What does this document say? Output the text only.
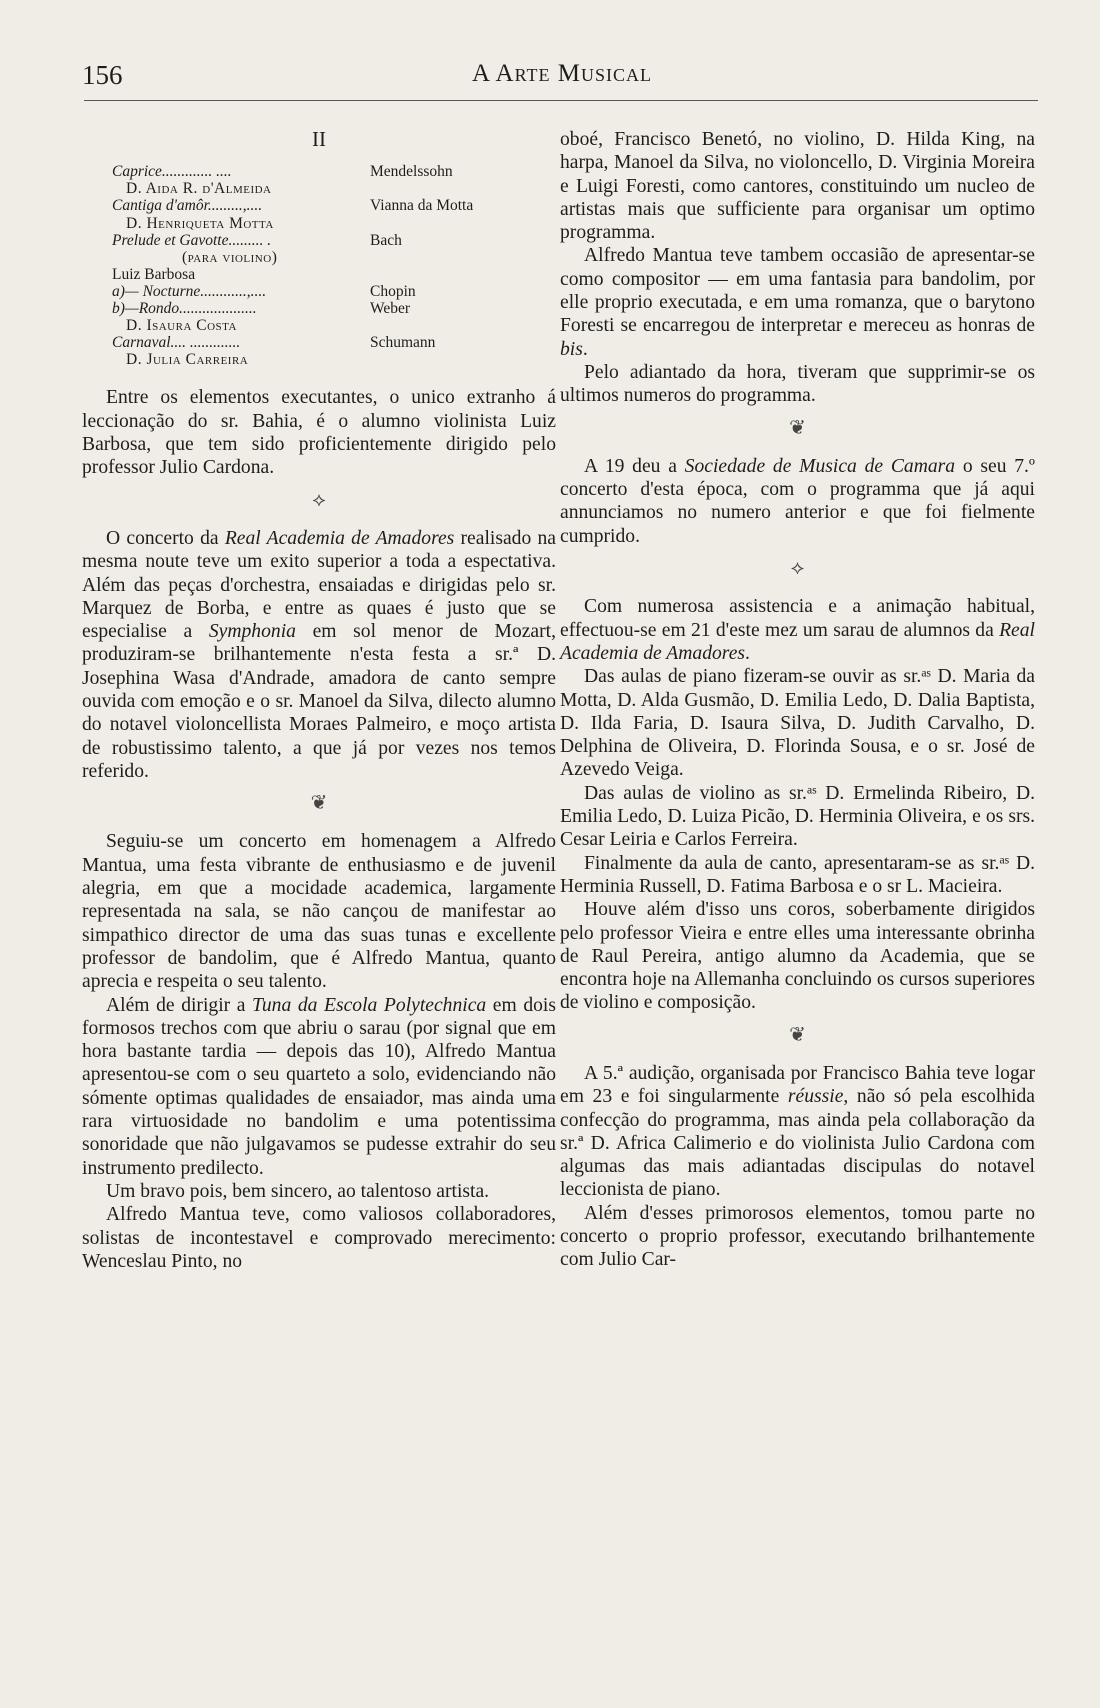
156	A Arte Musical
II
Caprice............. ....	Mendelssohn
D. Aida R. d'Almeida
Cantiga d'amôr.........,....	Vianna da Motta
D. Henriqueta Motta
Prelude et Gavotte......... .	Bach
(para violino)
Luiz Barbosa
a)— Nocturne............,....	Chopin
b)—Rondo....................	Weber
D. Isaura Costa
Carnaval.... .............	Schumann
D. Julia Carreira

Entre os elementos executantes, o unico extranho á leccionação do sr. Bahia, é o alumno violinista Luiz Barbosa, que tem sido proficientemente dirigido pelo professor Julio Cardona.

⟡

O concerto da Real Academia de Amadores realisado na mesma noute teve um exito superior a toda a espectativa. Além das peças d'orchestra, ensaiadas e dirigidas pelo sr. Marquez de Borba, e entre as quaes é justo que se especialise a Symphonia em sol menor de Mozart, produziram-se brilhantemente n'esta festa a sr.ª D. Josephina Wasa d'Andrade, amadora de canto sempre ouvida com emoção e o sr. Manoel da Silva, dilecto alumno do notavel violoncellista Moraes Palmeiro, e moço artista de robustissimo talento, a que já por vezes nos temos referido.

❦

Seguiu-se um concerto em homenagem a Alfredo Mantua, uma festa vibrante de enthusiasmo e de juvenil alegria, em que a mocidade academica, largamente representada na sala, se não cançou de manifestar ao simpathico director de uma das suas tunas e excellente professor de bandolim, que é Alfredo Mantua, quanto aprecia e respeita o seu talento.

Além de dirigir a Tuna da Escola Polytechnica em dois formosos trechos com que abriu o sarau (por signal que em hora bastante tardia — depois das 10), Alfredo Mantua apresentou-se com o seu quarteto a solo, evidenciando não sómente optimas qualidades de ensaiador, mas ainda uma rara virtuosidade no bandolim e uma potentissima sonoridade que não julgavamos se pudesse extrahir do seu instrumento predilecto.

Um bravo pois, bem sincero, ao talentoso artista.

Alfredo Mantua teve, como valiosos collaboradores, solistas de incontestavel e comprovado merecimento: Wenceslau Pinto, no

oboé, Francisco Benetó, no violino, D. Hilda King, na harpa, Manoel da Silva, no violoncello, D. Virginia Moreira e Luigi Foresti, como cantores, constituindo um nucleo de artistas mais que sufficiente para organisar um optimo programma.

Alfredo Mantua teve tambem occasião de apresentar-se como compositor — em uma fantasia para bandolim, por elle proprio executada, e em uma romanza, que o barytono Foresti se encarregou de interpretar e mereceu as honras de bis.

Pelo adiantado da hora, tiveram que supprimir-se os ultimos numeros do programma.

❦

A 19 deu a Sociedade de Musica de Camara o seu 7.º concerto d'esta época, com o programma que já aqui annunciamos no numero anterior e que foi fielmente cumprido.

⟡

Com numerosa assistencia e a animação habitual, effectuou-se em 21 d'este mez um sarau de alumnos da Real Academia de Amadores.

Das aulas de piano fizeram-se ouvir as sr.ᵃˢ D. Maria da Motta, D. Alda Gusmão, D. Emilia Ledo, D. Dalia Baptista, D. Ilda Faria, D. Isaura Silva, D. Judith Carvalho, D. Delphina de Oliveira, D. Florinda Sousa, e o sr. José de Azevedo Veiga.

Das aulas de violino as sr.ᵃˢ D. Ermelinda Ribeiro, D. Emilia Ledo, D. Luiza Picão, D. Herminia Oliveira, e os srs. Cesar Leiria e Carlos Ferreira.

Finalmente da aula de canto, apresentaram-se as sr.ᵃˢ D. Herminia Russell, D. Fatima Barbosa e o sr L. Macieira.

Houve além d'isso uns coros, soberbamente dirigidos pelo professor Vieira e entre elles uma interessante obrinha de Raul Pereira, antigo alumno da Academia, que se encontra hoje na Allemanha concluindo os cursos superiores de violino e composição.

❦

A 5.ª audição, organisada por Francisco Bahia teve logar em 23 e foi singularmente réussie, não só pela escolhida confecção do programma, mas ainda pela collaboração da sr.ª D. Africa Calimerio e do violinista Julio Cardona com algumas das mais adiantadas discipulas do notavel leccionista de piano.

Além d'esses primorosos elementos, tomou parte no concerto o proprio professor, executando brilhantemente com Julio Car-
